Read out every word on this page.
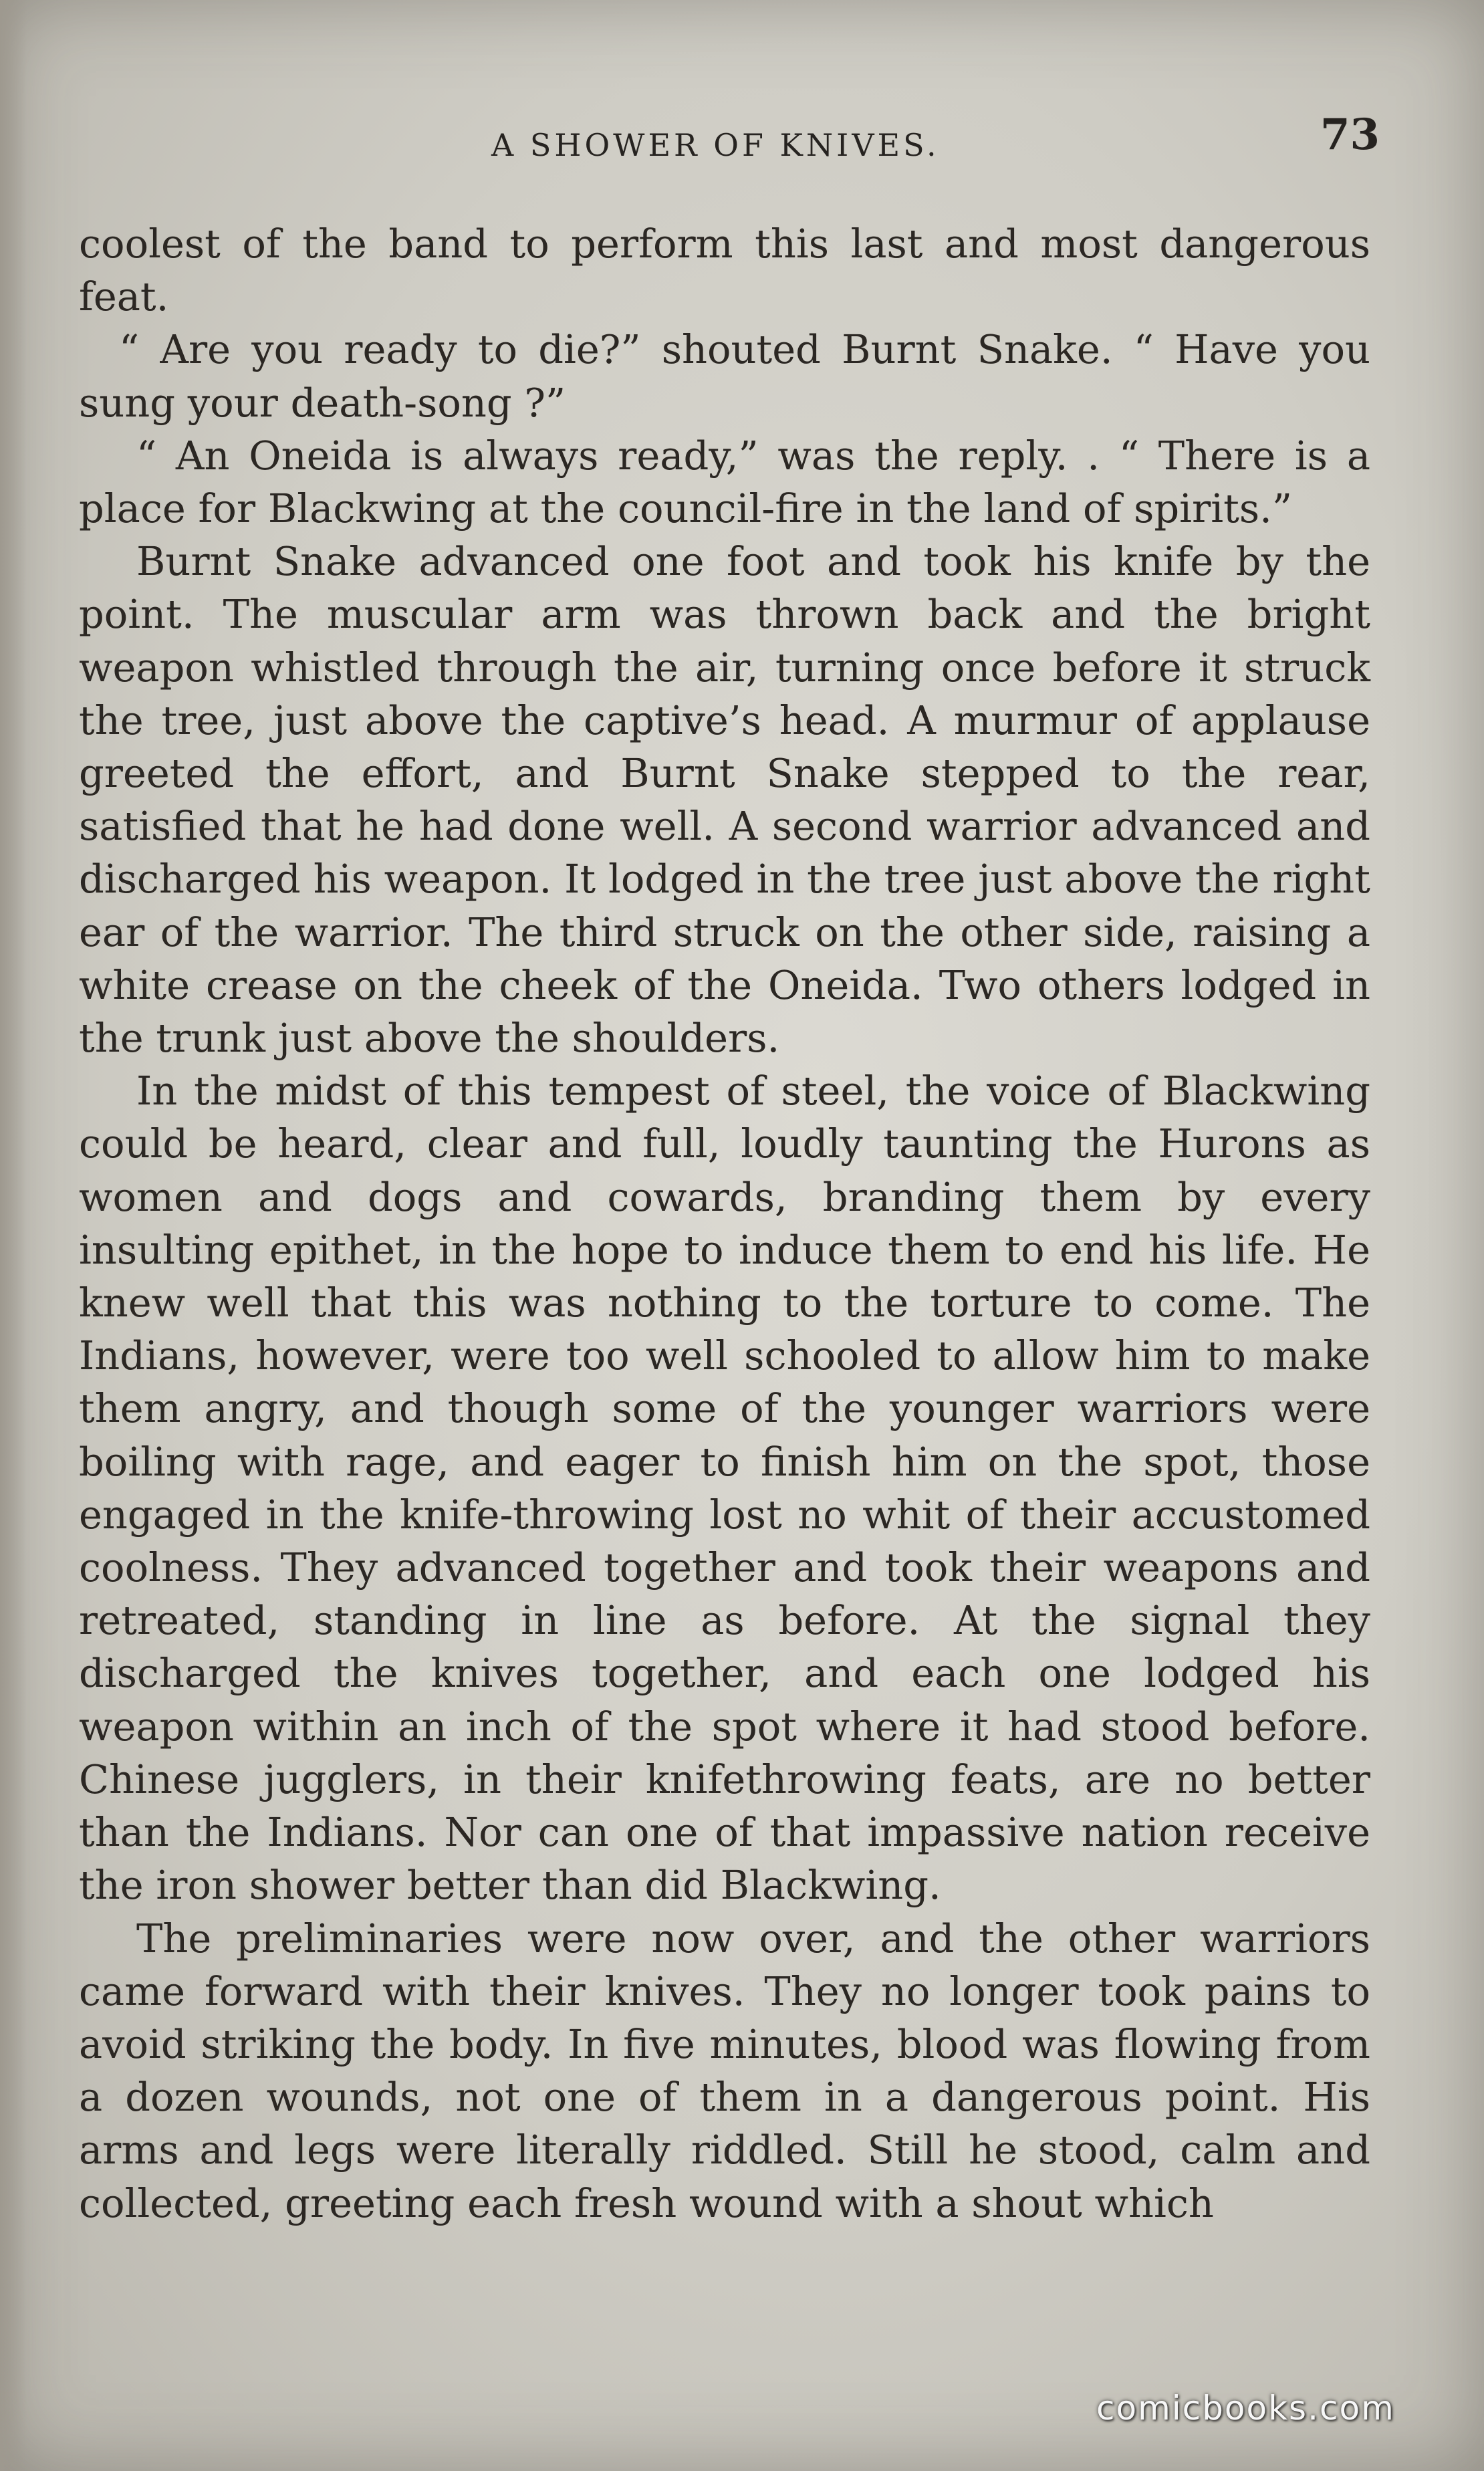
A SHOWER OF KNIVES.	73

coolest of the band to perform this last and most dangerous feat.

“ Are you ready to die?” shouted Burnt Snake. “ Have you sung your death-song ?”

“ An Oneida is always ready,” was the reply. . “ There is a place for Blackwing at the council-fire in the land of spirits.”

Burnt Snake advanced one foot and took his knife by the point. The muscular arm was thrown back and the bright weapon whistled through the air, turning once before it struck the tree, just above the captive’s head. A murmur of applause greeted the effort, and Burnt Snake stepped to the rear, satisfied that he had done well. A second warrior advanced and discharged his weapon. It lodged in the tree just above the right ear of the warrior. The third struck on the other side, raising a white crease on the cheek of the Oneida. Two others lodged in the trunk just above the shoulders.

In the midst of this tempest of steel, the voice of Blackwing could be heard, clear and full, loudly taunting the Hurons as women and dogs and cowards, branding them by every insulting epithet, in the hope to induce them to end his life. He knew well that this was nothing to the torture to come. The Indians, however, were too well schooled to allow him to make them angry, and though some of the younger warriors were boiling with rage, and eager to finish him on the spot, those engaged in the knife-throwing lost no whit of their accustomed coolness. They advanced together and took their weapons and retreated, standing in line as before. At the signal they discharged the knives together, and each one lodged his weapon within an inch of the spot where it had stood before. Chinese jugglers, in their knifethrowing feats, are no better than the Indians. Nor can one of that impassive nation receive the iron shower better than did Blackwing.

The preliminaries were now over, and the other warriors came forward with their knives. They no longer took pains to avoid striking the body. In five minutes, blood was flowing from a dozen wounds, not one of them in a dangerous point. His arms and legs were literally riddled. Still he stood, calm and collected, greeting each fresh wound with a shout which

comicbooks.com
